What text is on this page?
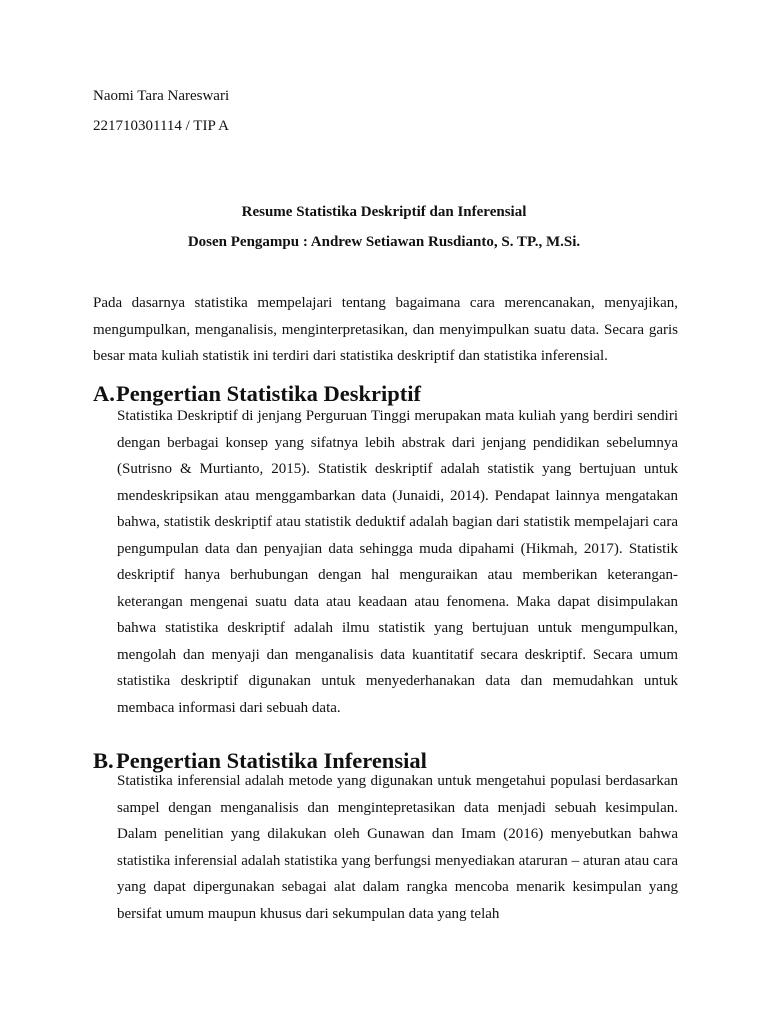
Naomi Tara Nareswari
221710301114 / TIP A
Resume Statistika Deskriptif dan Inferensial
Dosen Pengampu : Andrew Setiawan Rusdianto, S. TP., M.Si.

Pada dasarnya statistika mempelajari tentang bagaimana cara merencanakan, menyajikan, mengumpulkan, menganalisis, menginterpretasikan, dan menyimpulkan suatu data. Secara garis besar mata kuliah statistik ini terdiri dari statistika deskriptif dan statistika inferensial.

A.Pengertian Statistika Deskriptif

Statistika Deskriptif di jenjang Perguruan Tinggi merupakan mata kuliah yang berdiri sendiri dengan berbagai konsep yang sifatnya lebih abstrak dari jenjang pendidikan sebelumnya (Sutrisno & Murtianto, 2015). Statistik deskriptif adalah statistik yang bertujuan untuk mendeskripsikan atau menggambarkan data (Junaidi, 2014). Pendapat lainnya mengatakan bahwa, statistik deskriptif atau statistik deduktif adalah bagian dari statistik mempelajari cara pengumpulan data dan penyajian data sehingga muda dipahami (Hikmah, 2017). Statistik deskriptif hanya berhubungan dengan hal menguraikan atau memberikan keterangan-keterangan mengenai suatu data atau keadaan atau fenomena. Maka dapat disimpulakan bahwa statistika deskriptif adalah ilmu statistik yang bertujuan untuk mengumpulkan, mengolah dan menyaji dan menganalisis data kuantitatif secara deskriptif. Secara umum statistika deskriptif digunakan untuk menyederhanakan data dan memudahkan untuk membaca informasi dari sebuah data.

B. Pengertian Statistika Inferensial

Statistika inferensial adalah metode yang digunakan untuk mengetahui populasi berdasarkan sampel dengan menganalisis dan mengintepretasikan data menjadi sebuah kesimpulan. Dalam penelitian yang dilakukan oleh Gunawan dan Imam (2016) menyebutkan bahwa statistika inferensial adalah statistika yang berfungsi menyediakan ataruran – aturan atau cara yang dapat dipergunakan sebagai alat dalam rangka mencoba menarik kesimpulan yang bersifat umum maupun khusus dari sekumpulan data yang telah
